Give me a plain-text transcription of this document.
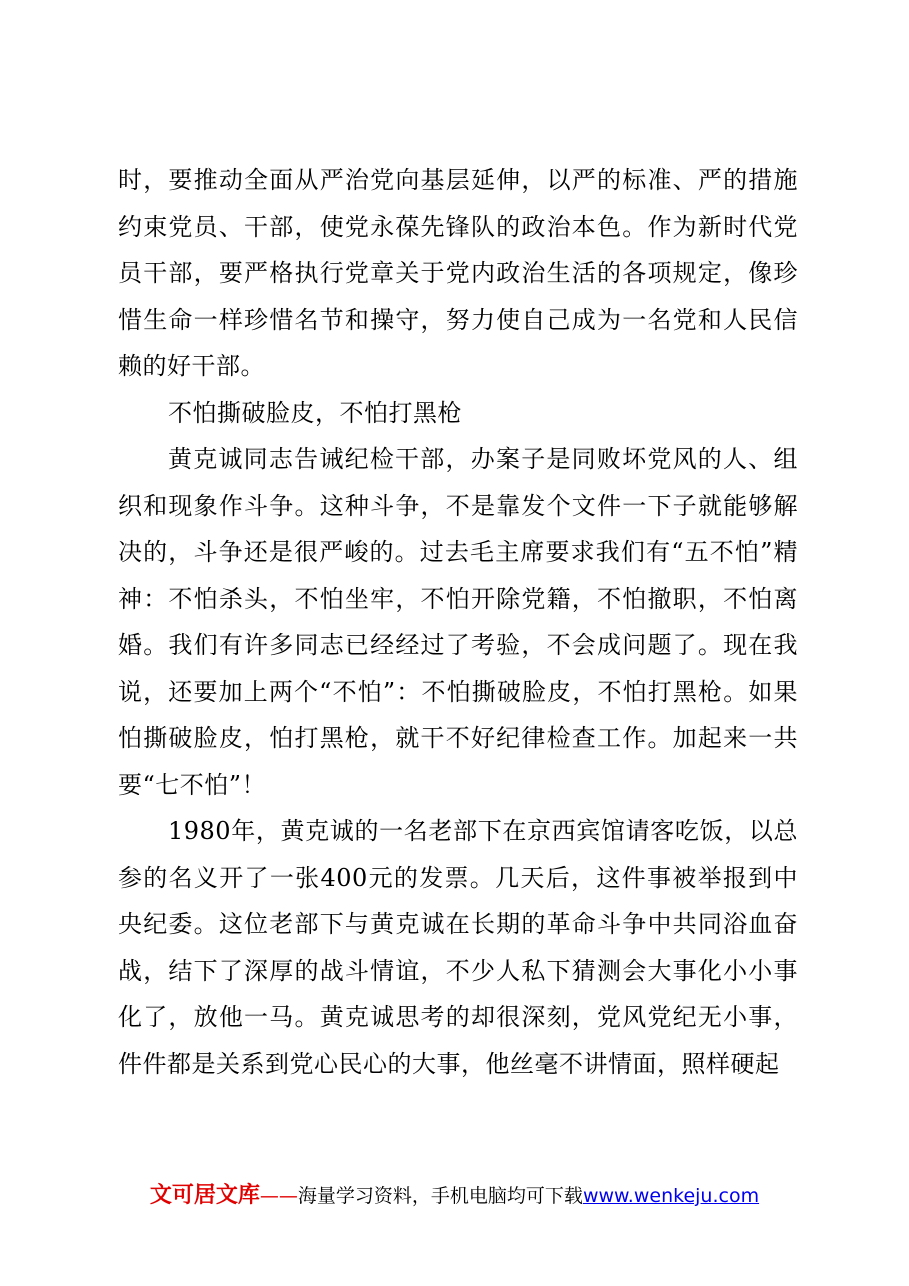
时，要推动全面从严治党向基层延伸，以严的标准、严的措施约束党员、干部，使党永葆先锋队的政治本色。作为新时代党员干部，要严格执行党章关于党内政治生活的各项规定，像珍惜生命一样珍惜名节和操守，努力使自己成为一名党和人民信赖的好干部。

不怕撕破脸皮，不怕打黑枪

黄克诚同志告诫纪检干部，办案子是同败坏党风的人、组织和现象作斗争。这种斗争，不是靠发个文件一下子就能够解决的，斗争还是很严峻的。过去毛主席要求我们有“五不怕”精神：不怕杀头，不怕坐牢，不怕开除党籍，不怕撤职，不怕离婚。我们有许多同志已经经过了考验，不会成问题了。现在我说，还要加上两个“不怕”：不怕撕破脸皮，不怕打黑枪。如果怕撕破脸皮，怕打黑枪，就干不好纪律检查工作。加起来一共要“七不怕”！

1980年，黄克诚的一名老部下在京西宾馆请客吃饭，以总参的名义开了一张400元的发票。几天后，这件事被举报到中央纪委。这位老部下与黄克诚在长期的革命斗争中共同浴血奋战，结下了深厚的战斗情谊，不少人私下猜测会大事化小小事化了，放他一马。黄克诚思考的却很深刻，党风党纪无小事，件件都是关系到党心民心的大事，他丝毫不讲情面，照样硬起

文可居文库——海量学习资料，手机电脑均可下载www.wenkeju.com
